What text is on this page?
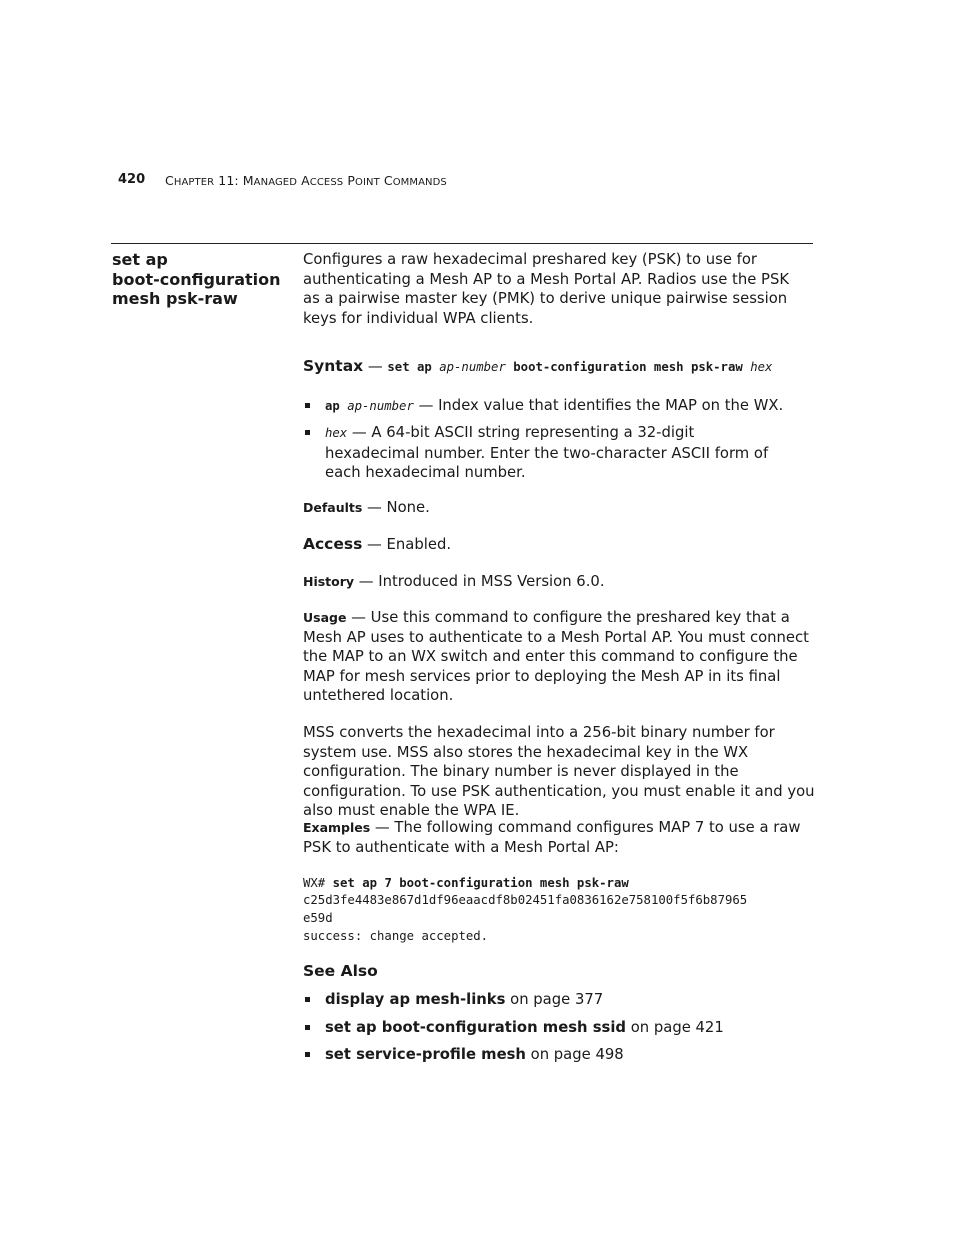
420 CHAPTER 11: MANAGED ACCESS POINT COMMANDS
set ap
boot-configuration
mesh psk-raw
Configures a raw hexadecimal preshared key (PSK) to use for authenticating a Mesh AP to a Mesh Portal AP. Radios use the PSK as a pairwise master key (PMK) to derive unique pairwise session keys for individual WPA clients.
Syntax — set ap ap-number boot-configuration mesh psk-raw hex
ap ap-number — Index value that identifies the MAP on the WX.
hex — A 64-bit ASCII string representing a 32-digit hexadecimal number. Enter the two-character ASCII form of each hexadecimal number.
Defaults — None.
Access — Enabled.
History — Introduced in MSS Version 6.0.
Usage — Use this command to configure the preshared key that a Mesh AP uses to authenticate to a Mesh Portal AP. You must connect the MAP to an WX switch and enter this command to configure the MAP for mesh services prior to deploying the Mesh AP in its final untethered location.
MSS converts the hexadecimal into a 256-bit binary number for system use. MSS also stores the hexadecimal key in the WX configuration. The binary number is never displayed in the configuration. To use PSK authentication, you must enable it and you also must enable the WPA IE.
Examples — The following command configures MAP 7 to use a raw PSK to authenticate with a Mesh Portal AP:
WX# set ap 7 boot-configuration mesh psk-raw
c25d3fe4483e867d1df96eaacdf8b02451fa0836162e758100f5f6b87965
e59d
success: change accepted.
See Also
display ap mesh-links on page 377
set ap boot-configuration mesh ssid on page 421
set service-profile mesh on page 498
